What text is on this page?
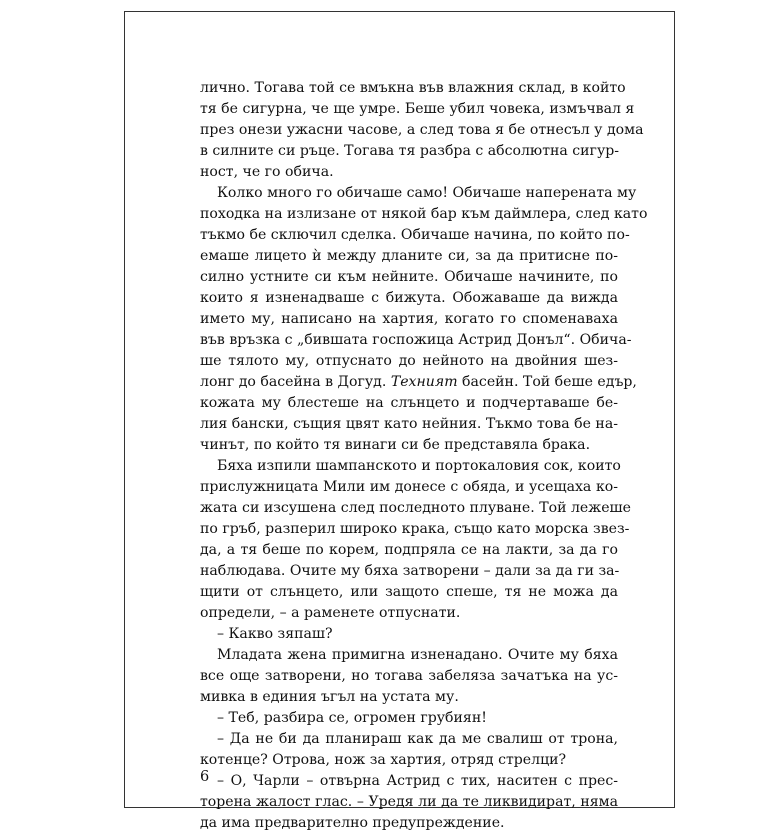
лично. Тогава той се вмъкна във влажния склад, в който
тя бе сигурна, че ще умре. Беше убил човека, измъчвал я
през онези ужасни часове, а след това я бе отнесъл у дома
в силните си ръце. Тогава тя разбра с абсолютна сигур-
ност, че го обича.
Колко много го обичаше само! Обичаше наперената му
походка на излизане от някой бар към даймлера, след като
тъкмо бе сключил сделка. Обичаше начина, по който по-
емаше лицето ѝ между дланите си, за да притисне по-
силно устните си към нейните. Обичаше начините, по
които я изненадваше с бижута. Обожаваше да вижда
името му, написано на хартия, когато го споменаваха
във връзка с „бившата госпожица Астрид Донъл“. Обича-
ше тялото му, отпуснато до нейното на двойния шез-
лонг до басейна в Догуд. Техният басейн. Той беше едър,
кожата му блестеше на слънцето и подчертаваше бе-
лия бански, същия цвят като нейния. Тъкмо това бе на-
чинът, по който тя винаги си бе представяла брака.
Бяха изпили шампанското и портокаловия сок, които
прислужницата Мили им донесе с обяда, и усещаха ко-
жата си изсушена след последното плуване. Той лежеше
по гръб, разперил широко крака, също като морска звез-
да, а тя беше по корем, подпряла се на лакти, за да го
наблюдава. Очите му бяха затворени – дали за да ги за-
щити от слънцето, или защото спеше, тя не можа да
определи, – а раменете отпуснати.
– Какво зяпаш?
Младата жена примигна изненадано. Очите му бяха
все още затворени, но тогава забеляза зачатъка на ус-
мивка в единия ъгъл на устата му.
– Теб, разбира се, огромен грубиян!
– Да не би да планираш как да ме свалиш от трона,
котенце? Отрова, нож за хартия, отряд стрелци?
– О, Чарли – отвърна Астрид с тих, наситен с прес-
торена жалост глас. – Уредя ли да те ликвидират, няма
да има предварително предупреждение.
6
